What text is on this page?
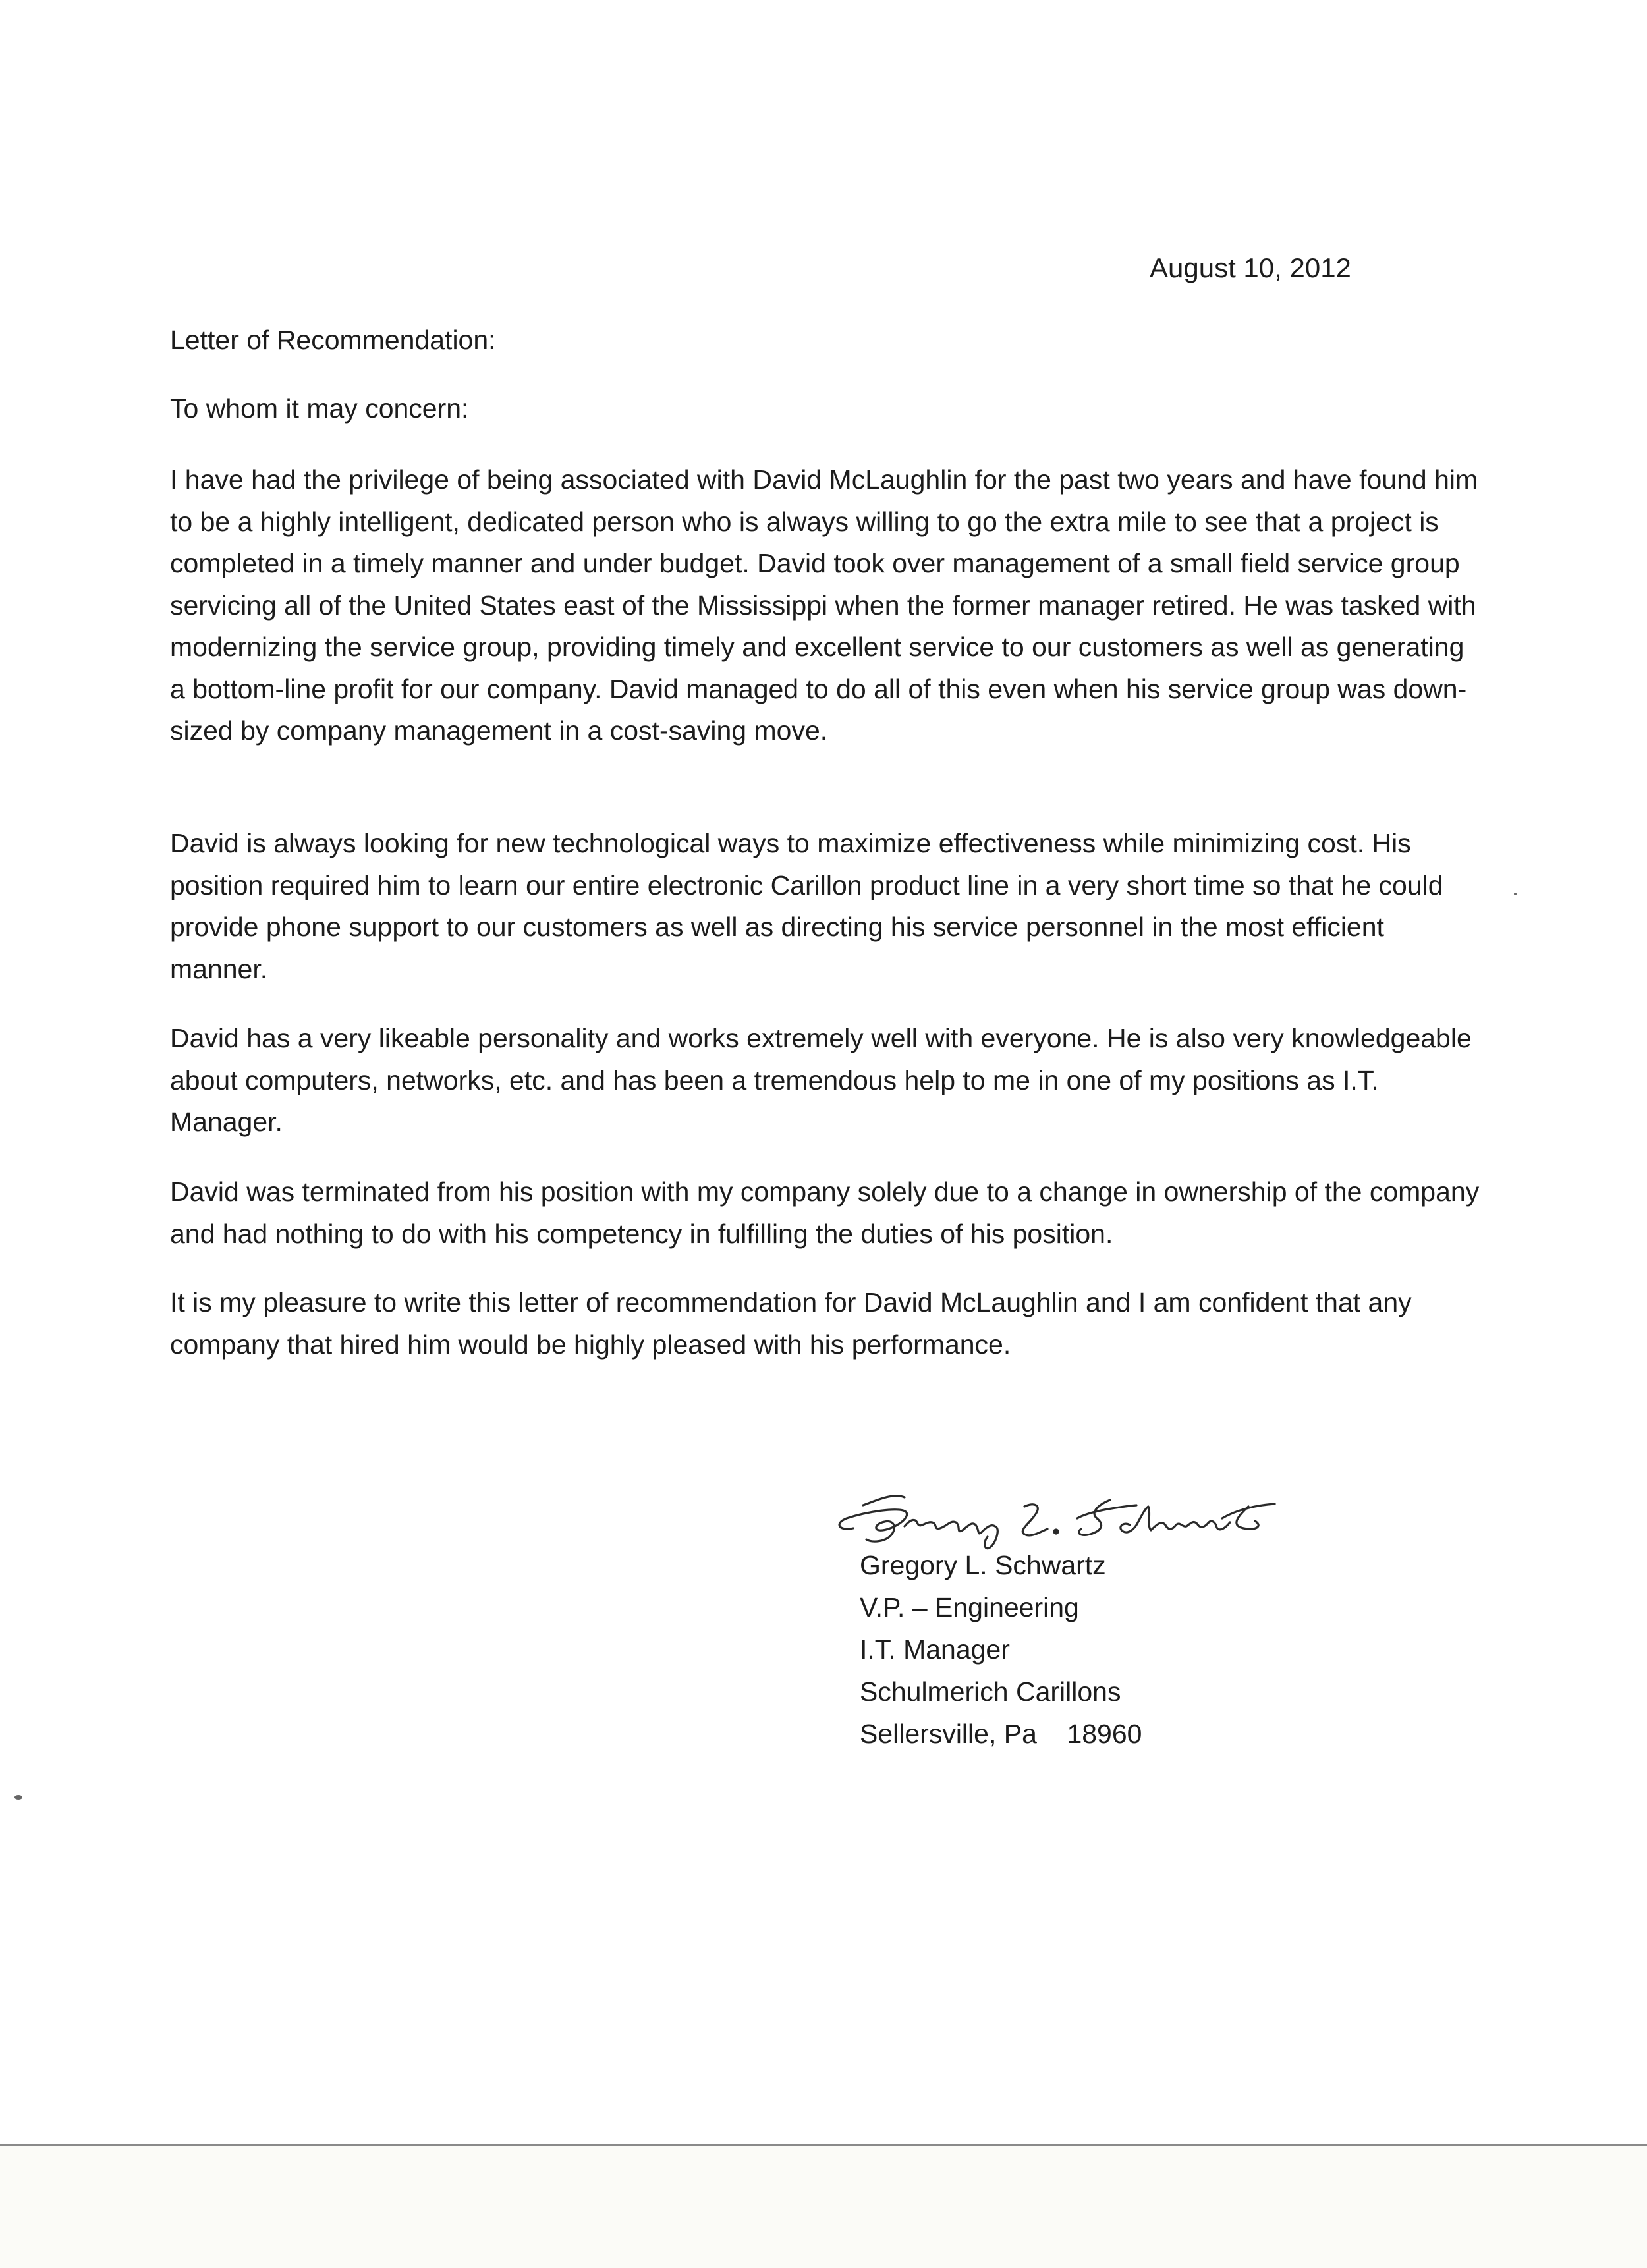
August 10, 2012
Letter of Recommendation:
To whom it may concern:

I have had the privilege of being associated with David McLaughlin for the past two years and have found him to be a highly intelligent, dedicated person who is always willing to go the extra mile to see that a project is completed in a timely manner and under budget. David took over management of a small field service group servicing all of the United States east of the Mississippi when the former manager retired. He was tasked with modernizing the service group, providing timely and excellent service to our customers as well as generating a bottom-line profit for our company. David managed to do all of this even when his service group was down-sized by company management in a cost-saving move.

David is always looking for new technological ways to maximize effectiveness while minimizing cost. His position required him to learn our entire electronic Carillon product line in a very short time so that he could provide phone support to our customers as well as directing his service personnel in the most efficient manner.

David has a very likeable personality and works extremely well with everyone. He is also very knowledgeable about computers, networks, etc. and has been a tremendous help to me in one of my positions as I.T. Manager.

David was terminated from his position with my company solely due to a change in ownership of the company and had nothing to do with his competency in fulfilling the duties of his position.

It is my pleasure to write this letter of recommendation for David McLaughlin and I am confident that any company that hired him would be highly pleased with his performance.

Gregory L. Schwartz
V.P. – Engineering
I.T. Manager
Schulmerich Carillons
Sellersville, Pa    18960
